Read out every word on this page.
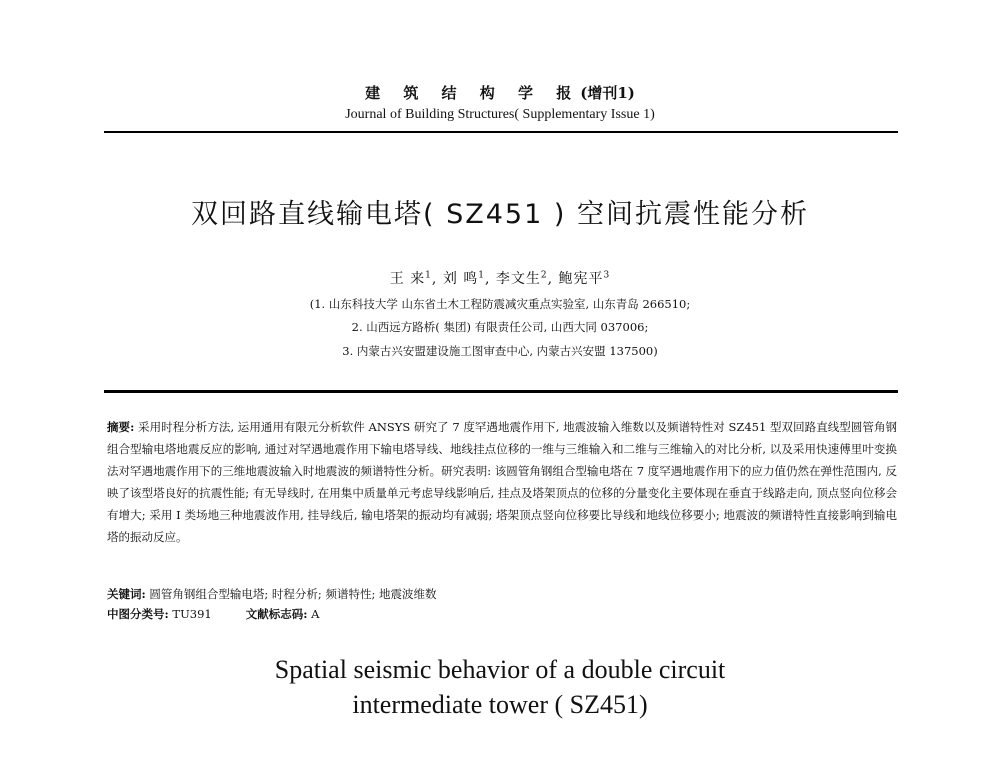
建 筑 结 构 学 报(增刊1)
Journal of Building Structures( Supplementary Issue 1)
双回路直线输电塔( SZ451 ) 空间抗震性能分析
王 来$^1$, 刘 鸣$^1$, 李文生$^2$, 鲍宪平$^3$
(1. 山东科技大学 山东省土木工程防震减灾重点实验室, 山东青岛 266510;
2. 山西远方路桥( 集团) 有限责任公司, 山西大同 037006;
3. 内蒙古兴安盟建设施工图审查中心, 内蒙古兴安盟 137500)
摘要: 采用时程分析方法, 运用通用有限元分析软件 ANSYS 研究了 7 度罕遇地震作用下, 地震波输入维数以及频谱特性对 SZ451 型双回路直线型圆管角钢组合型输电塔地震反应的影响, 通过对罕遇地震作用下输电塔导线、地线挂点位移的一维与三维输入和二维与三维输入的对比分析, 以及采用快速傅里叶变换法对罕遇地震作用下的三维地震波输入时地震波的频谱特性分析。研究表明: 该圆管角钢组合型输电塔在 7 度罕遇地震作用下的应力值仍然在弹性范围内, 反映了该型塔良好的抗震性能; 有无导线时, 在用集中质量单元考虑导线影响后, 挂点及塔架顶点的位移的分量变化主要体现在垂直于线路走向, 顶点竖向位移会有增大; 采用 I 类场地三种地震波作用, 挂导线后, 输电塔架的振动均有减弱; 塔架顶点竖向位移要比导线和地线位移要小; 地震波的频谱特性直接影响到输电塔的振动反应。
关键词: 圆管角钢组合型输电塔; 时程分析; 频谱特性; 地震波维数
中图分类号: TU391	文献标志码: A
Spatial seismic behavior of a double circuit
intermediate tower ( SZ451)
